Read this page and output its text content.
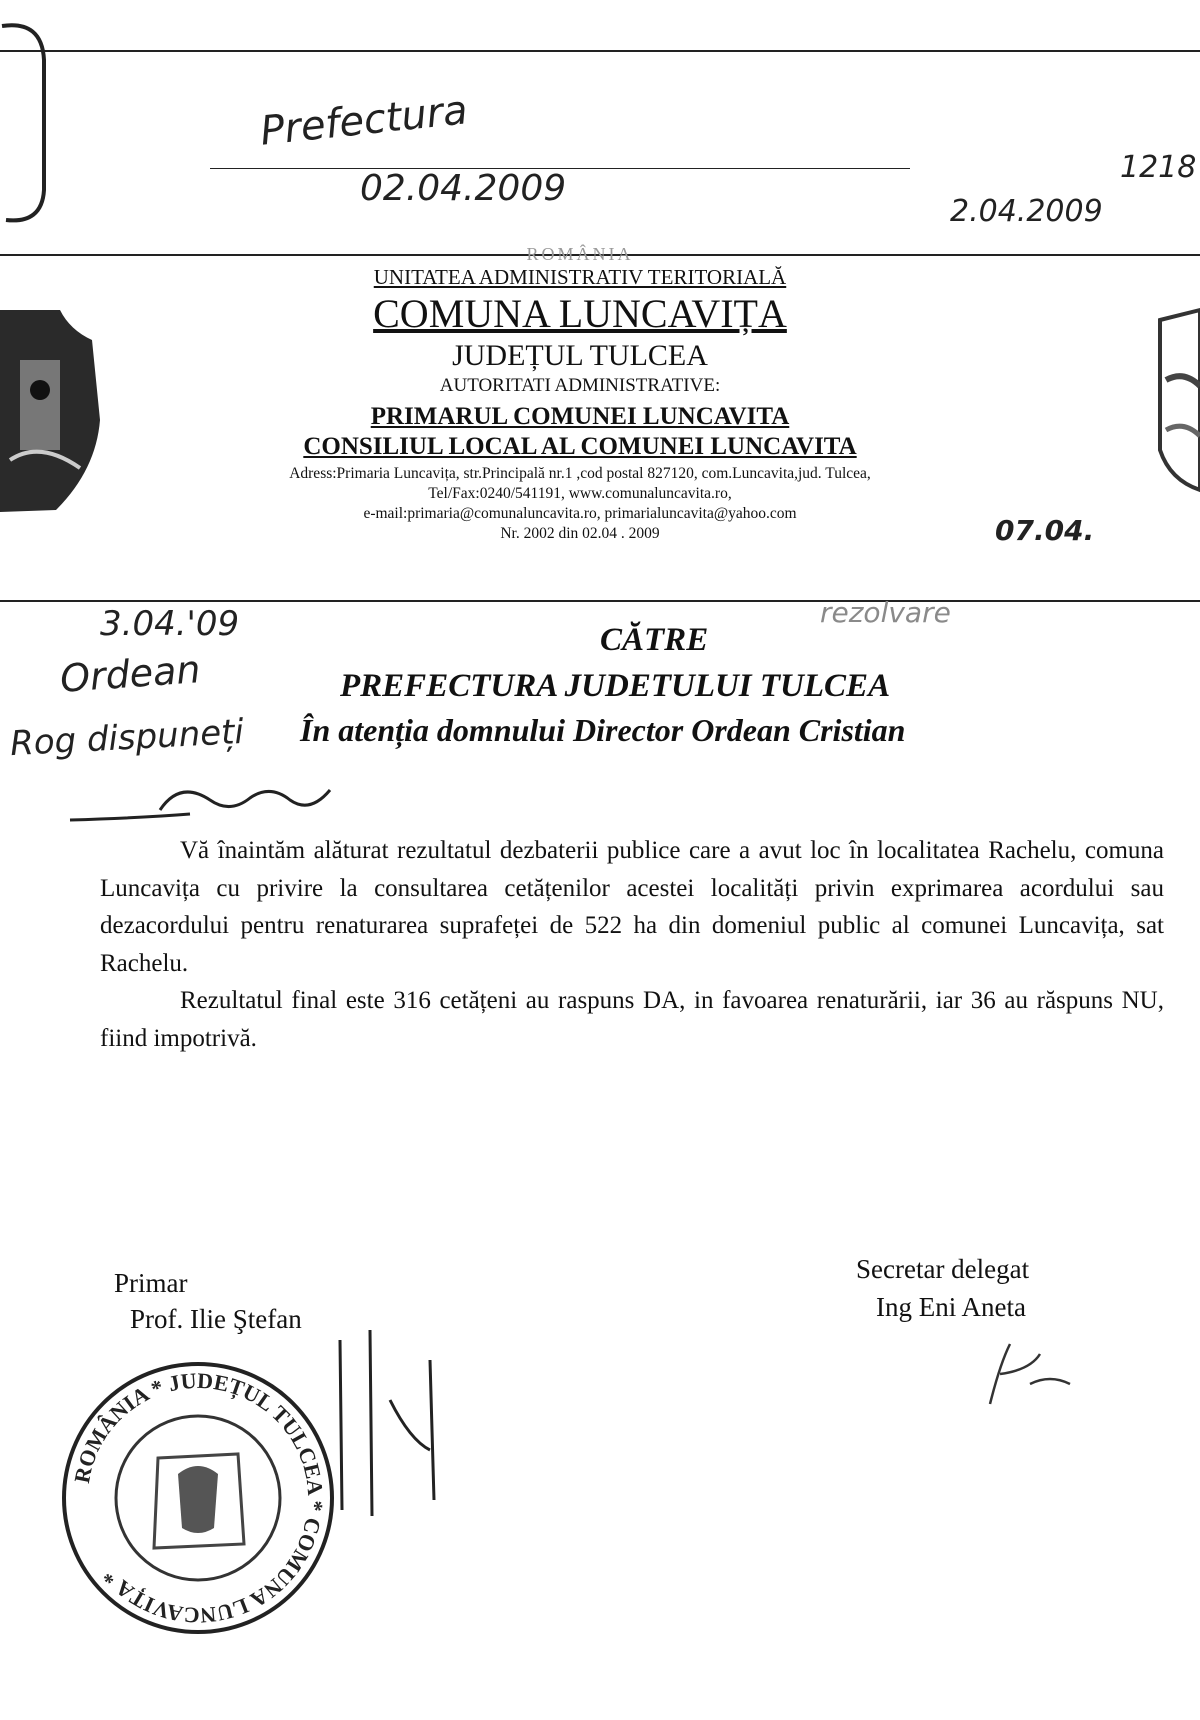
Prefectura
02.04.2009
1218
2.04.2009
ROMÂNIA
UNITATEA ADMINISTRATIV TERITORIALĂ
COMUNA LUNCAVIȚA
JUDEȚUL TULCEA
AUTORITATI ADMINISTRATIVE:
PRIMARUL COMUNEI LUNCAVITA
CONSILIUL LOCAL AL COMUNEI LUNCAVITA
Adress:Primaria Luncavița, str.Principală nr.1 ,cod postal 827120, com.Luncavita,jud. Tulcea,
Tel/Fax:0240/541191, www.comunaluncavita.ro,
e-mail:primaria@comunaluncavita.ro, primarialuncavita@yahoo.com
Nr. 2002 din 02.04 . 2009	07.04.
3.04.'09
Ordean
Rog dispuneți
rezolvare
CĂTRE
PREFECTURA JUDETULUI TULCEA
În atenția domnului Director Ordean Cristian

Vă înaintăm alăturat rezultatul dezbaterii publice care a avut loc în localitatea Rachelu, comuna Luncavița cu privire la consultarea cetățenilor acestei localități privin exprimarea acordului sau dezacordului pentru renaturarea suprafeței de 522 ha din domeniul public al comunei Luncavița, sat Rachelu.

Rezultatul final este 316 cetățeni au raspuns DA, in favoarea renaturării, iar 36 au răspuns NU, fiind impotrivă.

Primar
Prof. Ilie Ştefan
Secretar delegat
Ing Eni Aneta
ROMÂNIA * JUDEȚUL TULCEA * COMUNA LUNCAVIȚA *
